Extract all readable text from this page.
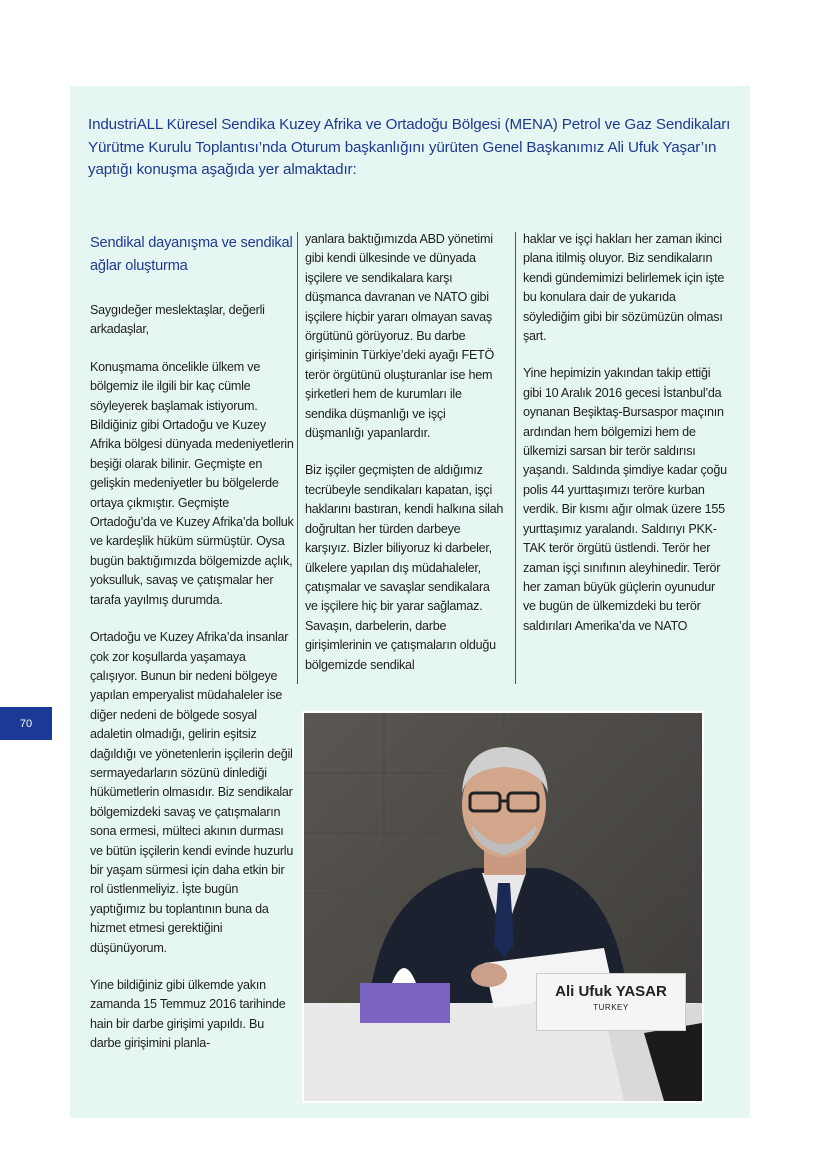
IndustriALL Küresel Sendika Kuzey Afrika ve Ortadoğu Bölgesi (MENA) Petrol ve Gaz Sendikaları Yürütme Kurulu Toplantısı’nda Oturum başkanlığını yürüten Genel Başkanımız Ali Ufuk Yaşar’ın yaptığı konuşma aşağıda yer almaktadır:
Sendikal dayanışma ve sendikal ağlar oluşturma

Saygıdeğer meslektaşlar, değerli arkadaşlar,

Konuşmama öncelikle ülkem ve bölgemiz ile ilgili bir kaç cümle söyleyerek başlamak istiyorum. Bildiğiniz gibi Ortadoğu ve Kuzey Afrika bölgesi dünyada medeniyetlerin beşiği olarak bilinir. Geçmişte en gelişkin medeniyetler bu bölgelerde ortaya çıkmıştır. Geçmişte Ortadoğu’da ve Kuzey Afrika’da bolluk ve kardeşlik hüküm sürmüştür. Oysa bugün baktığımızda bölgemizde açlık, yoksulluk, savaş ve çatışmalar her tarafa yayılmış durumda.

Ortadoğu ve Kuzey Afrika’da insanlar çok zor koşullarda yaşamaya çalışıyor. Bunun bir nedeni bölgeye yapılan emperyalist müdahaleler ise diğer nedeni de bölgede sosyal adaletin olmadığı, gelirin eşitsiz dağıldığı ve yönetenlerin işçilerin değil sermayedarların sözünü dinlediği hükümetlerin olmasıdır. Biz sendikalar bölgemizdeki savaş ve çatışmaların sona ermesi, mülteci akının durması ve bütün işçilerin kendi evinde huzurlu bir yaşam sürmesi için daha etkin bir rol üstlenmeliyiz. İşte bugün yaptığımız bu toplantının buna da hizmet etmesi gerektiğini düşünüyorum.

Yine bildiğiniz gibi ülkemde yakın zamanda 15 Temmuz 2016 tarihinde hain bir darbe girişimi yapıldı. Bu darbe girişimini planla-

yanlara baktığımızda ABD yönetimi gibi kendi ülkesinde ve dünyada işçilere ve sendikalara karşı düşmanca davranan ve NATO gibi işçilere hiçbir yararı olmayan savaş örgütünü görüyoruz. Bu darbe girişiminin Türkiye’deki ayağı FETÖ terör örgütünü oluşturanlar ise hem şirketleri hem de kurumları ile sendika düşmanlığı ve işçi düşmanlığı yapanlardır.

Biz işçiler geçmişten de aldığımız tecrübeyle sendikaları kapatan, işçi haklarını bastıran, kendi halkına silah doğrultan her türden darbeye karşıyız. Bizler biliyoruz ki darbeler, ülkelere yapılan dış müdahaleler, çatışmalar ve savaşlar sendikalara ve işçilere hiç bir yarar sağlamaz. Savaşın, darbelerin, darbe girişimlerinin ve çatışmaların olduğu bölgemizde sendikal

haklar ve işçi hakları her zaman ikinci plana itilmiş oluyor. Biz sendikaların kendi gündemimizi belirlemek için işte bu konulara dair de yukarıda söylediğim gibi bir sözümüzün olması şart.

Yine hepimizin yakından takip ettiği gibi 10 Aralık 2016 gecesi İstanbul’da oynanan Beşiktaş-Bursaspor maçının ardından hem bölgemizi hem de ülkemizi sarsan bir terör saldırısı yaşandı. Saldında şimdiye kadar çoğu polis 44 yurttaşımızı teröre kurban verdik. Bir kısmı ağır olmak üzere 155 yurttaşımız yaralandı. Saldırıyı PKK-TAK terör örgütü üstlendi. Terör her zaman işçi sınıfının aleyhinedir. Terör her zaman büyük güçlerin oyunudur ve bugün de ülkemizdeki bu terör saldırıları Amerika’da ve NATO

70
Ali Ufuk YASAR
TURKEY
